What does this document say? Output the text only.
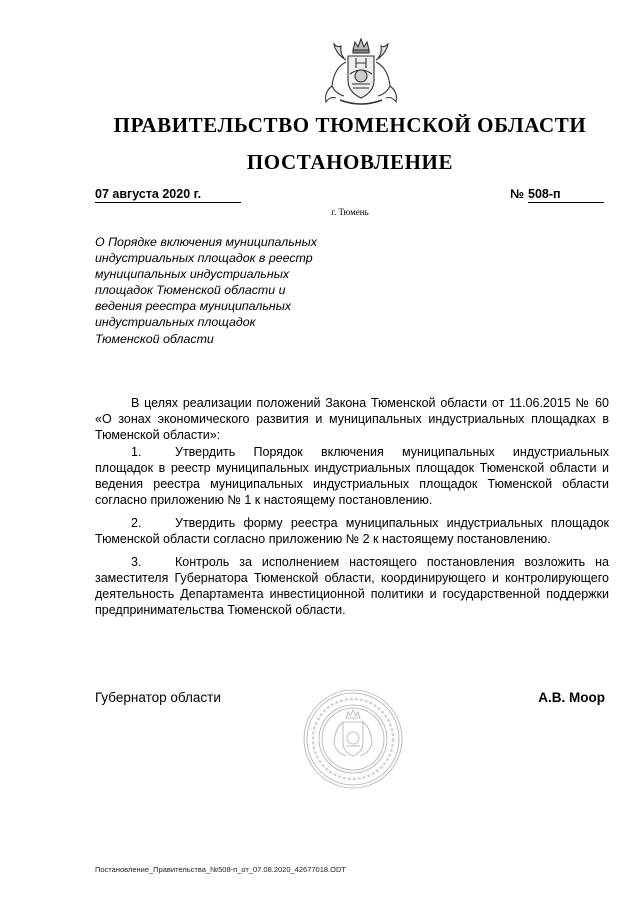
ПРАВИТЕЛЬСТВО ТЮМЕНСКОЙ ОБЛАСТИ
ПОСТАНОВЛЕНИЕ
07 августа 2020 г.	№ 508-п
г. Тюмень
О Порядке включения муниципальных
индустриальных площадок в реестр
муниципальных индустриальных
площадок Тюменской области и
ведения реестра муниципальных
индустриальных площадок
Тюменской области

В целях реализации положений Закона Тюменской области от 11.06.2015 № 60 «О зонах экономического развития и муниципальных индустриальных площадках в Тюменской области»:

1.	Утвердить Порядок включения муниципальных индустриальных площадок в реестр муниципальных индустриальных площадок Тюменской области и ведения реестра муниципальных индустриальных площадок Тюменской области согласно приложению № 1 к настоящему постановлению.

2.	Утвердить форму реестра муниципальных индустриальных площадок Тюменской области согласно приложению № 2 к настоящему постановлению.

3.	Контроль за исполнением настоящего постановления возложить на заместителя Губернатора Тюменской области, координирующего и контролирующего деятельность Департамента инвестиционной политики и государственной поддержки предпринимательства Тюменской области.

Губернатор области	А.В. Моор
Постановление_Правительства_№508-п_от_07.08.2020_42677018.ODT
